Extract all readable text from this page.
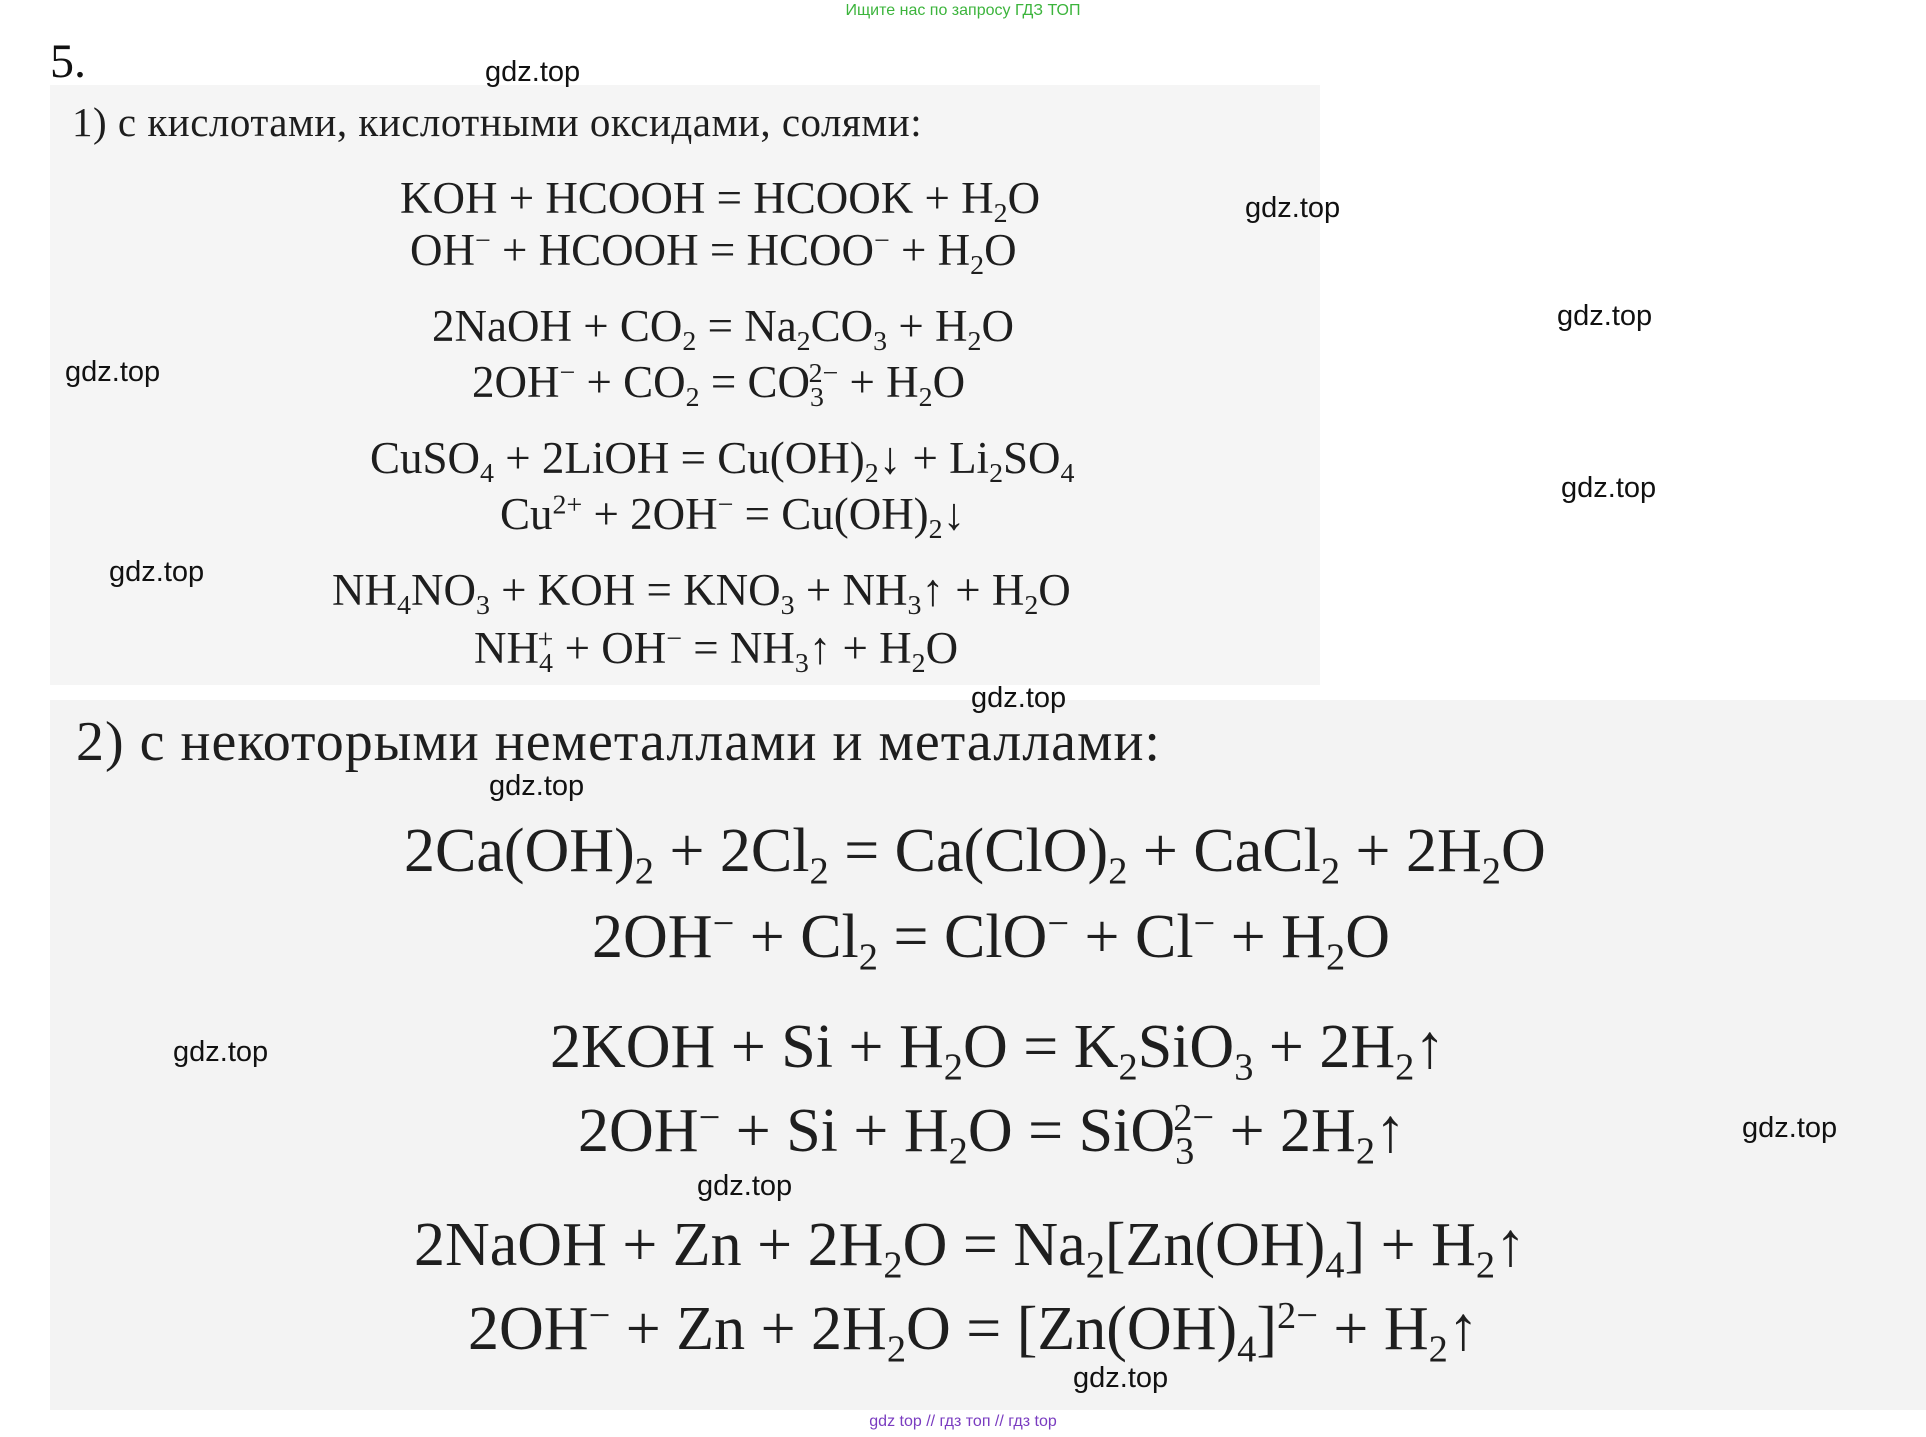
Ищите нас по запросу ГДЗ ТОП
5.
1) с кислотами, кислотными оксидами, солями:
KOH + HCOOH = HCOOK + $H_2O$
OH− + HCOOH = HCOO− + $H_2O$
2NaOH + $CO_2 = Na_2CO_3 + H_2O$
$2OH^- + CO_2 = CO_3^{2-} + H_2O$
CuSO$_4$ + 2LiOH = $Cu(OH)_2↓ + Li_2SO_4$
$Cu^{2+} + 2OH^-$ = $Cu(OH)_2↓$
$NH_4NO_3$ + KOH = $KNO_3$ + $NH_3↑ + H_2O$
$NH_4^+ + OH^-$ = $NH_3↑ + H_2O$
2) с некоторыми неметаллами и металлами:
$2Ca(OH)_2 + 2Cl_2 = Ca(ClO)_2$ + CaCl$_2$ + $2H_2O$
$2OH^- + Cl_2 = ClO^- + Cl^- + H_2O$
$2KOH + Si + H_2O = K_2SiO_3$ + $2H_2↑$
$2OH^- + Si + H_2O = SiO_3^{2-}$ + $2H_2↑$
2NaOH + $Zn + 2H_2O = Na_2[Zn(OH)_4]$ + $H_2↑$
$2OH^- + Zn + 2H_2O = [Zn(OH)_4]^{2-}$ + $H_2↑$
gdz.top
gdz.top
gdz.top
gdz.top
gdz.top
gdz.top
gdz.top
gdz.top
gdz.top
gdz.top
gdz.top
gdz.top
gdz top // гдз топ // гдз top
